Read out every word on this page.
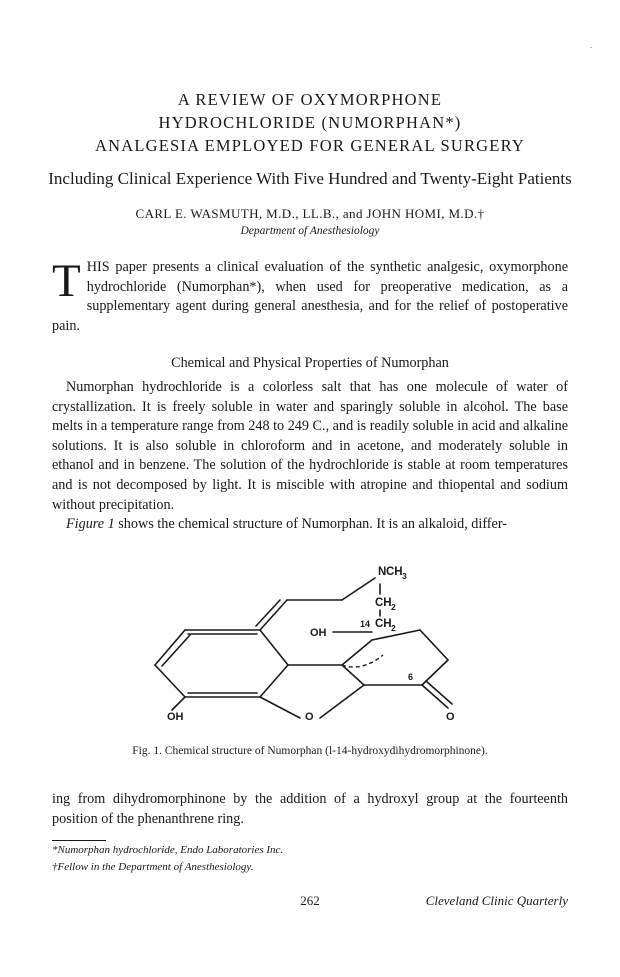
A REVIEW OF OXYMORPHONE
HYDROCHLORIDE (NUMORPHAN*)
ANALGESIA EMPLOYED FOR GENERAL SURGERY
Including Clinical Experience With Five Hundred and Twenty-Eight Patients
CARL E. WASMUTH, M.D., LL.B., and JOHN HOMI, M.D.†
Department of Anesthesiology

THIS paper presents a clinical evaluation of the synthetic analgesic, oxymorphone hydrochloride (Numorphan*), when used for preoperative medication, as a supplementary agent during general anesthesia, and for the relief of postoperative pain.

Chemical and Physical Properties of Numorphan

Numorphan hydrochloride is a colorless salt that has one molecule of water of crystallization. It is freely soluble in water and sparingly soluble in alcohol. The base melts in a temperature range from 248 to 249 C., and is readily soluble in acid and alkaline solutions. It is also soluble in chloroform and in acetone, and moderately soluble in ethanol and in benzene. The solution of the hydrochloride is stable at room temperatures and is not decomposed by light. It is miscible with atropine and thiopental and sodium without precipitation.

Figure 1 shows the chemical structure of Numorphan. It is an alkaloid, differ-

N CH 3
CH 2
CH 2
OH
14
6
OH	O	O
Fig. 1. Chemical structure of Numorphan (l-14-hydroxydihydromorphinone).

ing from dihydromorphinone by the addition of a hydroxyl group at the fourteenth position of the phenanthrene ring.

*Numorphan hydrochloride, Endo Laboratories Inc.
†Fellow in the Department of Anesthesiology.
262	Cleveland Clinic Quarterly
